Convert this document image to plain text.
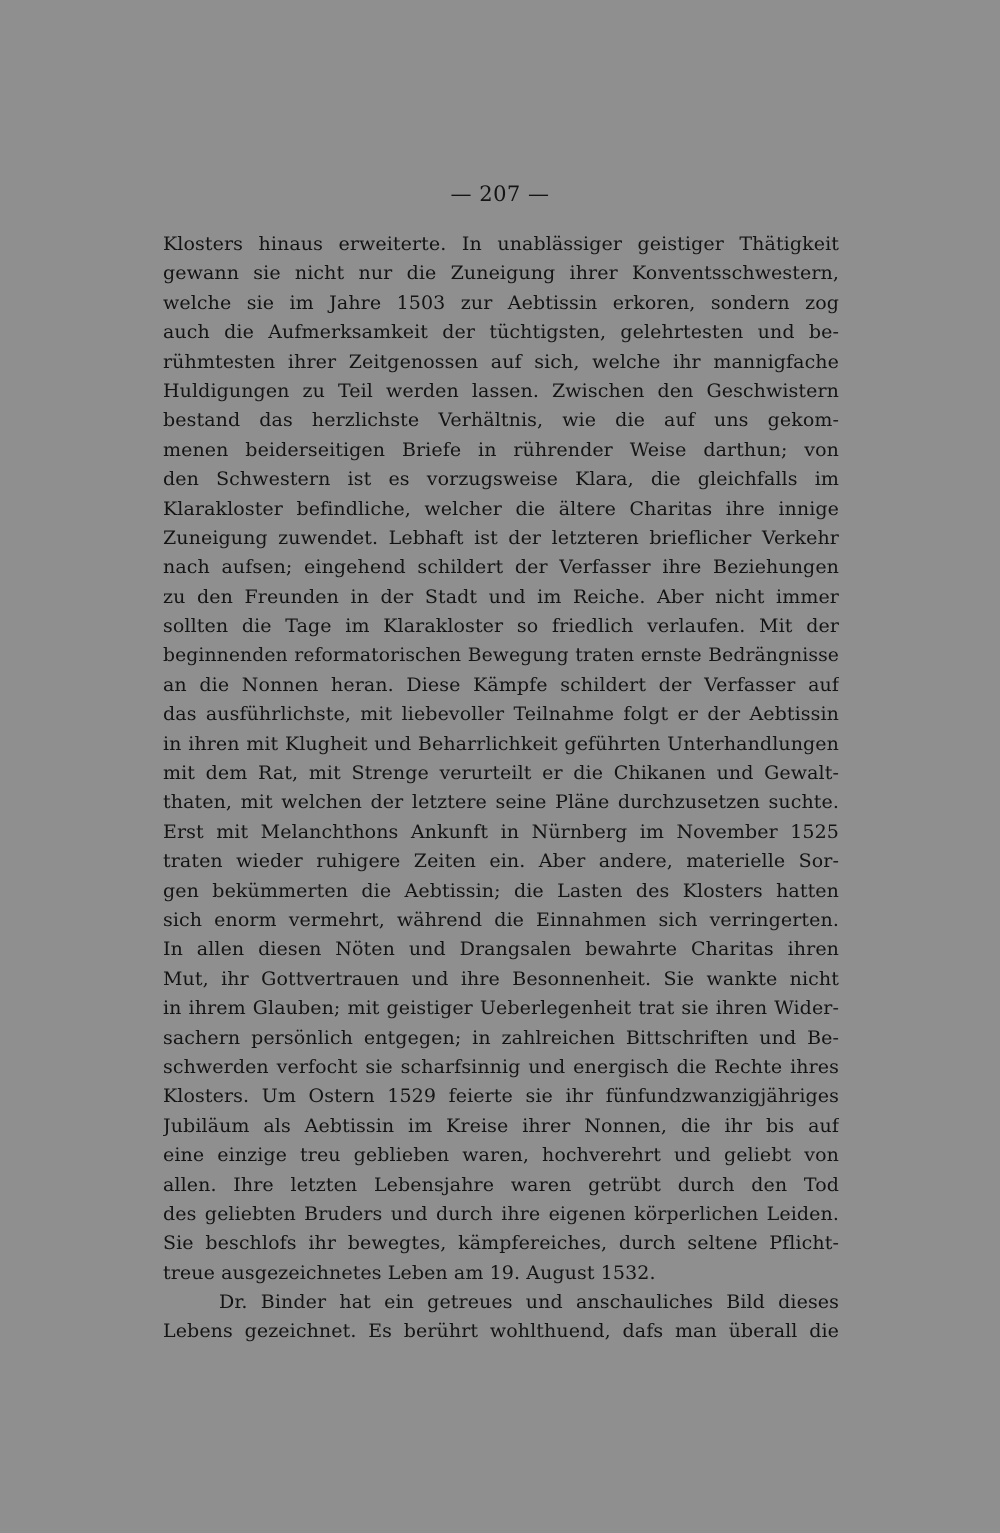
— 207 —
Klosters hinaus erweiterte. In unablässiger geistiger Thätigkeit
gewann sie nicht nur die Zuneigung ihrer Konventsschwestern,
welche sie im Jahre 1503 zur Aebtissin erkoren, sondern zog
auch die Aufmerksamkeit der tüchtigsten, gelehrtesten und be-
rühmtesten ihrer Zeitgenossen auf sich, welche ihr mannigfache
Huldigungen zu Teil werden lassen. Zwischen den Geschwistern
bestand das herzlichste Verhältnis, wie die auf uns gekom-
menen beiderseitigen Briefe in rührender Weise darthun; von
den Schwestern ist es vorzugsweise Klara, die gleichfalls im
Klarakloster befindliche, welcher die ältere Charitas ihre innige
Zuneigung zuwendet. Lebhaft ist der letzteren brieflicher Verkehr
nach aufsen; eingehend schildert der Verfasser ihre Beziehungen
zu den Freunden in der Stadt und im Reiche. Aber nicht immer
sollten die Tage im Klarakloster so friedlich verlaufen. Mit der
beginnenden reformatorischen Bewegung traten ernste Bedrängnisse
an die Nonnen heran. Diese Kämpfe schildert der Verfasser auf
das ausführlichste, mit liebevoller Teilnahme folgt er der Aebtissin
in ihren mit Klugheit und Beharrlichkeit geführten Unterhandlungen
mit dem Rat, mit Strenge verurteilt er die Chikanen und Gewalt-
thaten, mit welchen der letztere seine Pläne durchzusetzen suchte.
Erst mit Melanchthons Ankunft in Nürnberg im November 1525
traten wieder ruhigere Zeiten ein. Aber andere, materielle Sor-
gen bekümmerten die Aebtissin; die Lasten des Klosters hatten
sich enorm vermehrt, während die Einnahmen sich verringerten.
In allen diesen Nöten und Drangsalen bewahrte Charitas ihren
Mut, ihr Gottvertrauen und ihre Besonnenheit. Sie wankte nicht
in ihrem Glauben; mit geistiger Ueberlegenheit trat sie ihren Wider-
sachern persönlich entgegen; in zahlreichen Bittschriften und Be-
schwerden verfocht sie scharfsinnig und energisch die Rechte ihres
Klosters. Um Ostern 1529 feierte sie ihr fünfundzwanzigjähriges
Jubiläum als Aebtissin im Kreise ihrer Nonnen, die ihr bis auf
eine einzige treu geblieben waren, hochverehrt und geliebt von
allen. Ihre letzten Lebensjahre waren getrübt durch den Tod
des geliebten Bruders und durch ihre eigenen körperlichen Leiden.
Sie beschlofs ihr bewegtes, kämpfereiches, durch seltene Pflicht-
treue ausgezeichnetes Leben am 19. August 1532.
Dr. Binder hat ein getreues und anschauliches Bild dieses
Lebens gezeichnet. Es berührt wohlthuend, dafs man überall die
